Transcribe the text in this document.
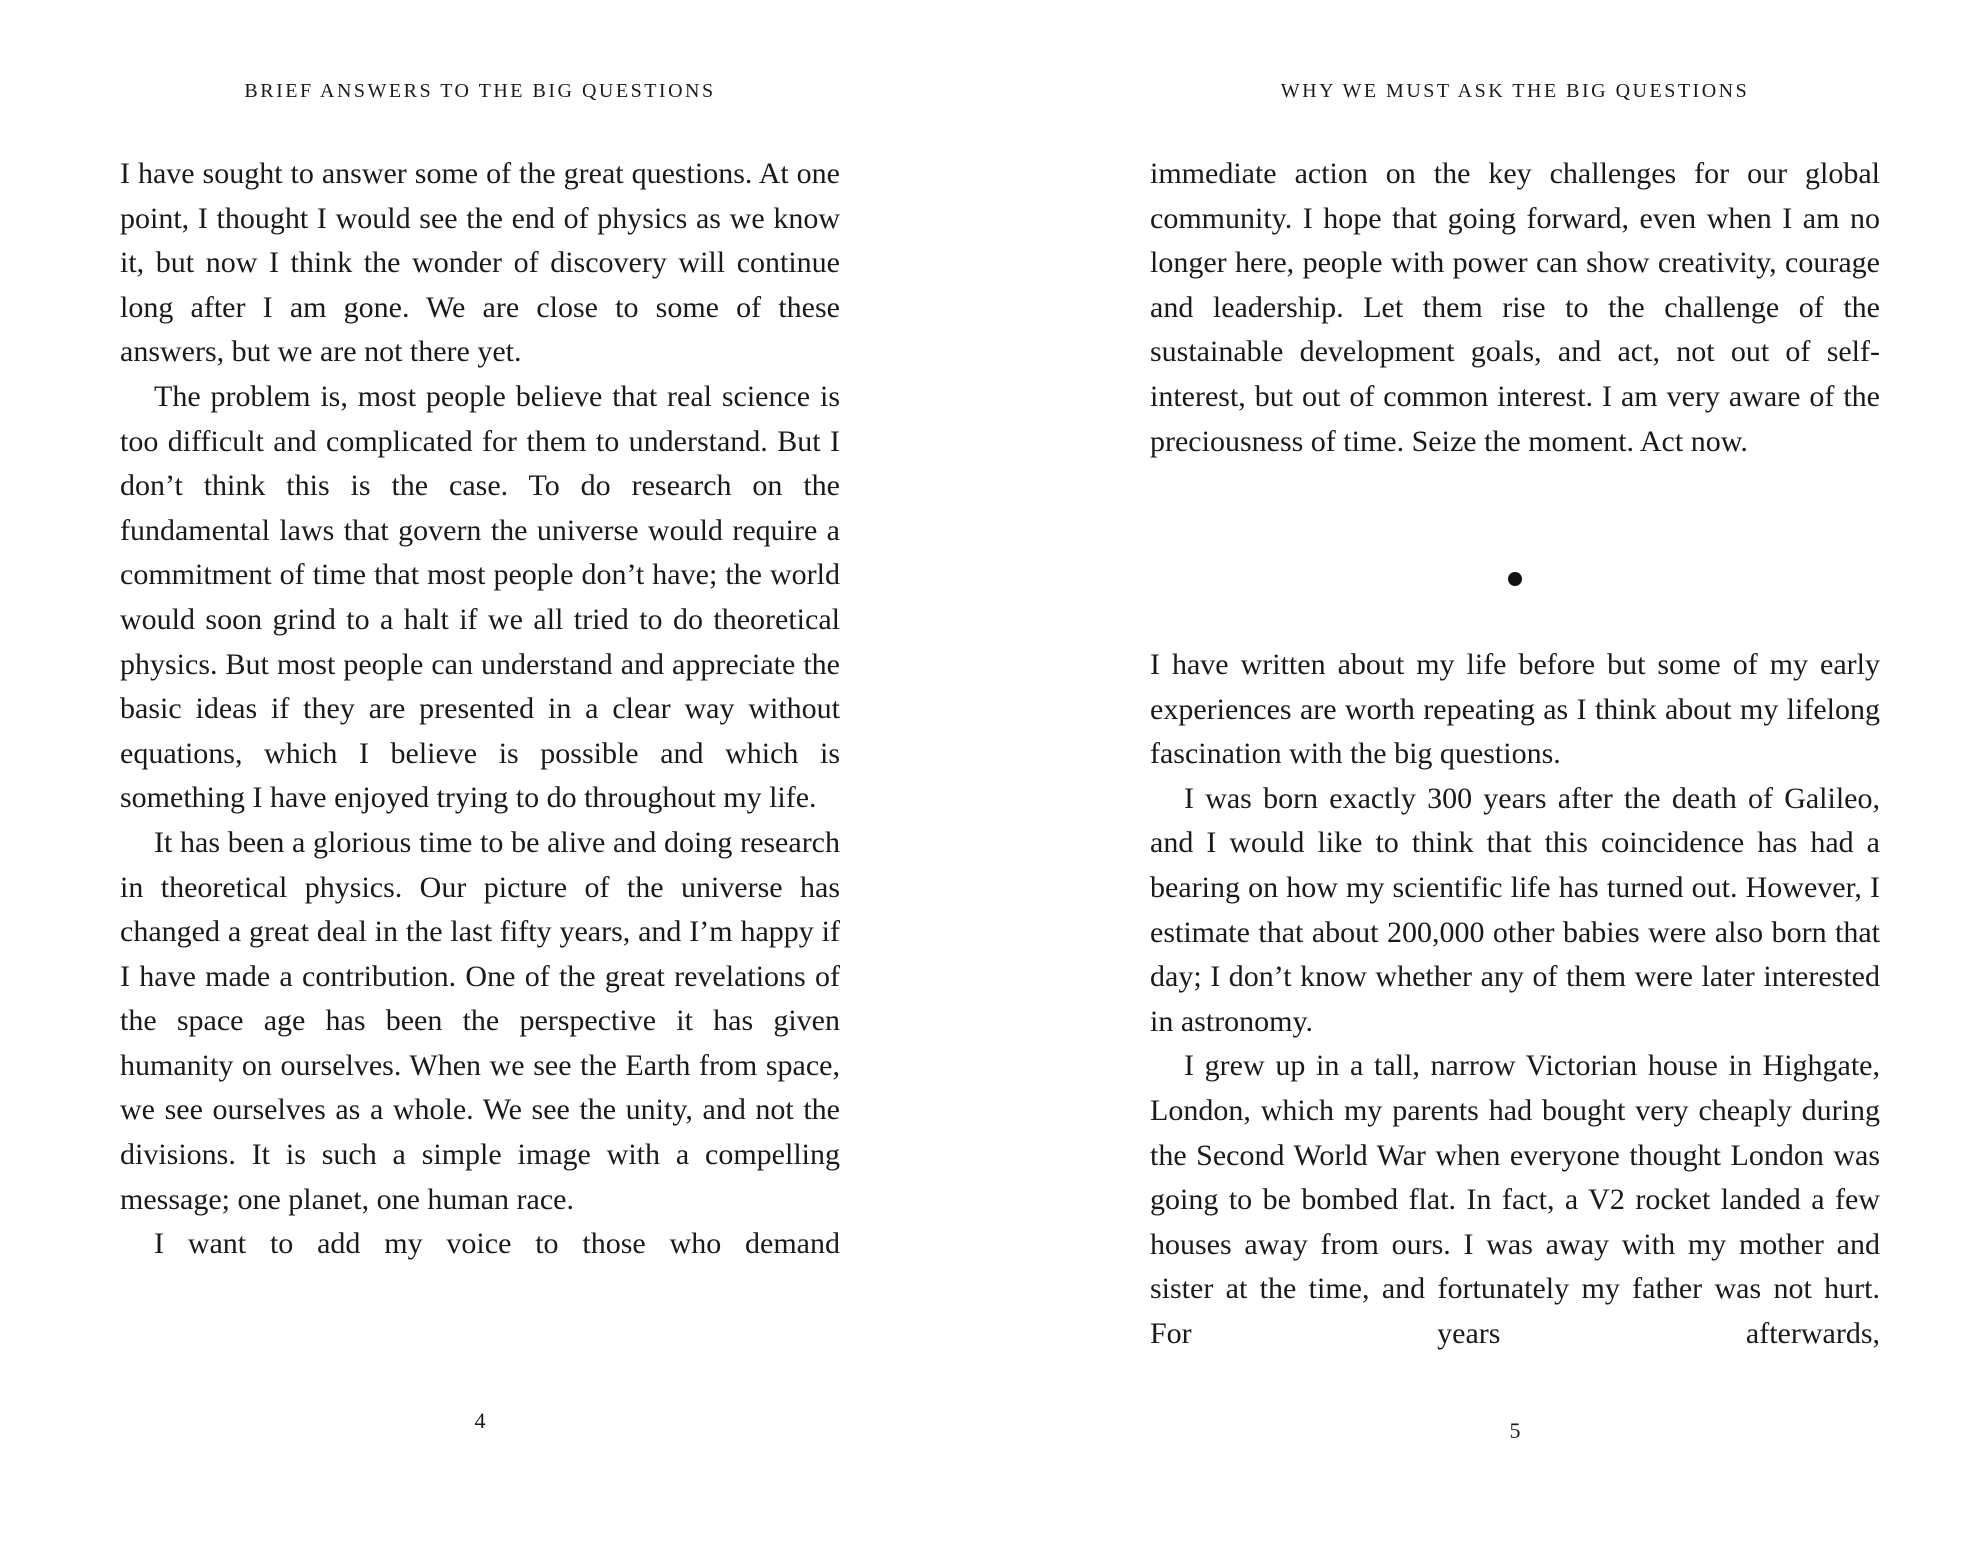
BRIEF ANSWERS TO THE BIG QUESTIONS

I have sought to answer some of the great questions. At one point, I thought I would see the end of physics as we know it, but now I think the wonder of discovery will continue long after I am gone. We are close to some of these answers, but we are not there yet.

The problem is, most people believe that real science is too difficult and complicated for them to understand. But I don’t think this is the case. To do research on the fundamental laws that govern the universe would require a commitment of time that most people don’t have; the world would soon grind to a halt if we all tried to do theoretical physics. But most people can understand and appreciate the basic ideas if they are presented in a clear way without equations, which I believe is possible and which is something I have enjoyed trying to do throughout my life.

It has been a glorious time to be alive and doing research in theoretical physics. Our picture of the universe has changed a great deal in the last fifty years, and I’m happy if I have made a contribution. One of the great revelations of the space age has been the perspective it has given humanity on ourselves. When we see the Earth from space, we see ourselves as a whole. We see the unity, and not the divisions. It is such a simple image with a compelling message; one planet, one human race.

I want to add my voice to those who demand

4
WHY WE MUST ASK THE BIG QUESTIONS

immediate action on the key challenges for our global community. I hope that going forward, even when I am no longer here, people with power can show creativity, courage and leadership. Let them rise to the challenge of the sustainable development goals, and act, not out of self-interest, but out of common interest. I am very aware of the preciousness of time. Seize the moment. Act now.

I have written about my life before but some of my early experiences are worth repeating as I think about my lifelong fascination with the big questions.

I was born exactly 300 years after the death of Galileo, and I would like to think that this coincidence has had a bearing on how my scientific life has turned out. However, I estimate that about 200,000 other babies were also born that day; I don’t know whether any of them were later interested in astronomy.

I grew up in a tall, narrow Victorian house in Highgate, London, which my parents had bought very cheaply during the Second World War when everyone thought London was going to be bombed flat. In fact, a V2 rocket landed a few houses away from ours. I was away with my mother and sister at the time, and fortunately my father was not hurt. For years afterwards,

5
